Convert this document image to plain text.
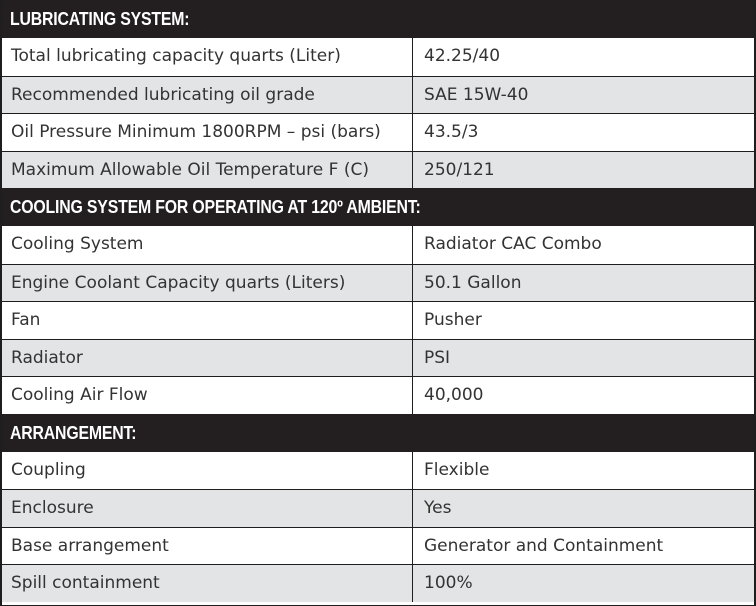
LUBRICATING SYSTEM:
Total lubricating capacity quarts (Liter)	42.25/40
Recommended lubricating oil grade	SAE 15W-40
Oil Pressure Minimum 1800RPM – psi (bars)	43.5/3
Maximum Allowable Oil Temperature F (C)	250/121
COOLING SYSTEM FOR OPERATING AT 120º AMBIENT:
Cooling System	Radiator CAC Combo
Engine Coolant Capacity quarts (Liters)	50.1 Gallon
Fan	Pusher
Radiator	PSI
Cooling Air Flow	40,000
ARRANGEMENT:
Coupling	Flexible
Enclosure	Yes
Base arrangement	Generator and Containment
Spill containment	100%
